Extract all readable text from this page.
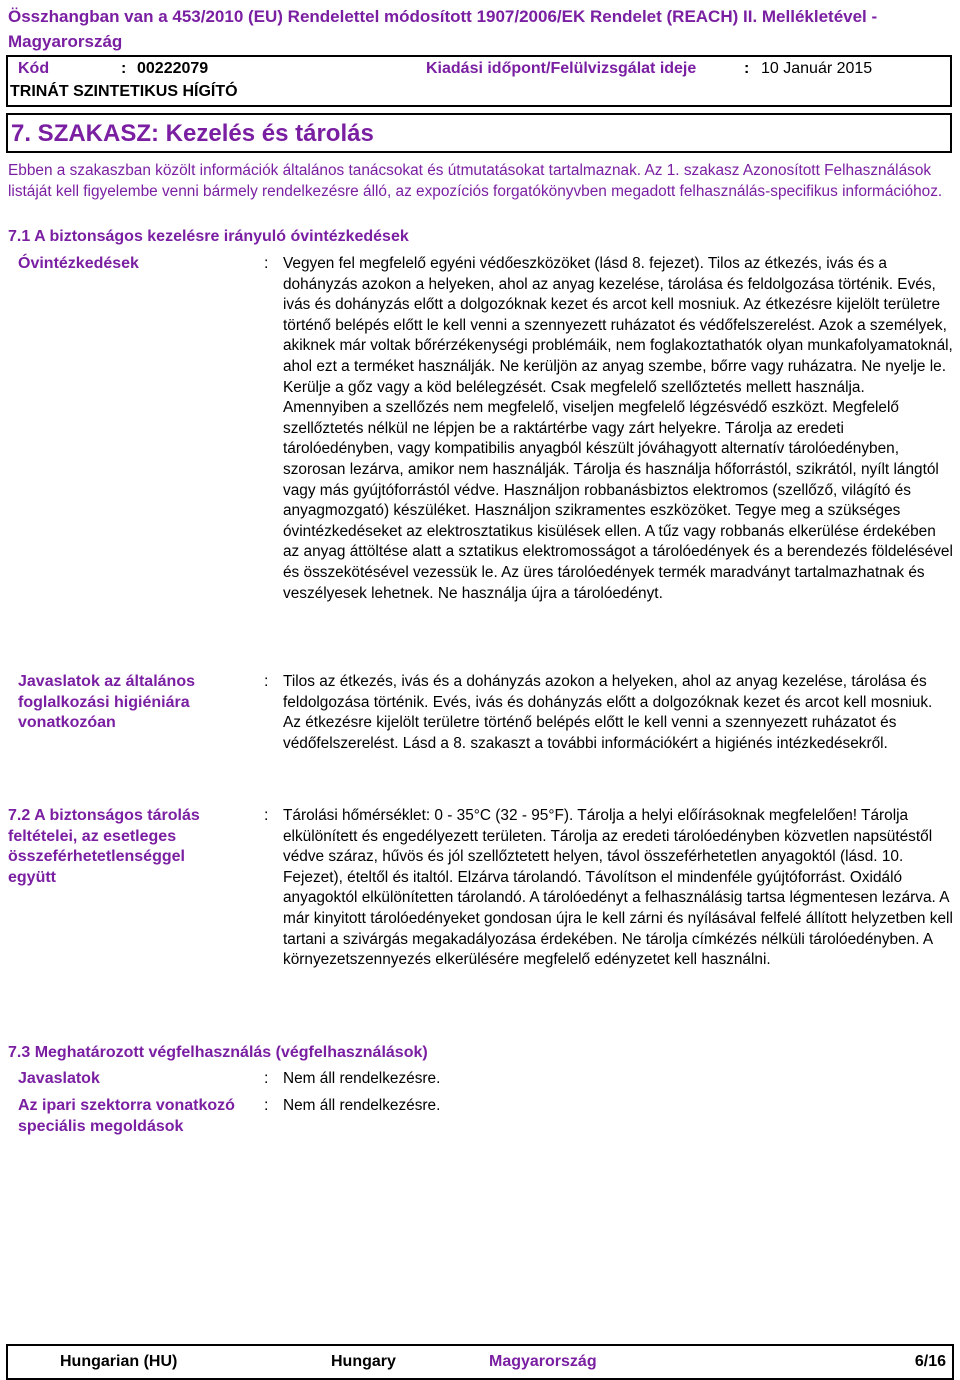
Összhangban van a 453/2010 (EU) Rendelettel módosított 1907/2006/EK Rendelet (REACH) II. Mellékletével - Magyarország
Kód	: 00222079	Kiadási időpont/Felülvizsgálat ideje	: 10 Január 2015
TRINÁT SZINTETIKUS HÍGÍTÓ
7. SZAKASZ: Kezelés és tárolás
Ebben a szakaszban közölt információk általános tanácsokat és útmutatásokat tartalmaznak. Az 1. szakasz Azonosított Felhasználások listáját kell figyelembe venni bármely rendelkezésre álló, az expozíciós forgatókönyvben megadott felhasználás-specifikus információhoz.
7.1 A biztonságos kezelésre irányuló óvintézkedések
Óvintézkedések	: Vegyen fel megfelelő egyéni védőeszközöket (lásd 8. fejezet). Tilos az étkezés, ivás és a dohányzás azokon a helyeken, ahol az anyag kezelése, tárolása és feldolgozása történik. Evés, ivás és dohányzás előtt a dolgozóknak kezet és arcot kell mosniuk. Az étkezésre kijelölt területre történő belépés előtt le kell venni a szennyezett ruházatot és védőfelszerelést. Azok a személyek, akiknek már voltak bőrérzékenységi problémáik, nem foglakoztathatók olyan munkafolyamatoknál, ahol ezt a terméket használják. Ne kerüljön az anyag szembe, bőrre vagy ruházatra. Ne nyelje le. Kerülje a gőz vagy a köd belélegzését. Csak megfelelő szellőztetés mellett használja. Amennyiben a szellőzés nem megfelelő, viseljen megfelelő légzésvédő eszközt. Megfelelő szellőztetés nélkül ne lépjen be a raktártérbe vagy zárt helyekre. Tárolja az eredeti tárolóedényben, vagy kompatibilis anyagból készült jóváhagyott alternatív tárolóedényben, szorosan lezárva, amikor nem használják. Tárolja és használja hőforrástól, szikrától, nyílt lángtól vagy más gyújtóforrástól védve. Használjon robbanásbiztos elektromos (szellőző, világító és anyagmozgató) készüléket. Használjon szikramentes eszközöket. Tegye meg a szükséges óvintézkedéseket az elektrosztatikus kisülések ellen. A tűz vagy robbanás elkerülése érdekében az anyag áttöltése alatt a sztatikus elektromosságot a tárolóedények és a berendezés földelésével és összekötésével vezessük le. Az üres tárolóedények termék maradványt tartalmazhatnak és veszélyesek lehetnek. Ne használja újra a tárolóedényt.
Javaslatok az általános foglalkozási higiéniára vonatkozóan
: Tilos az étkezés, ivás és a dohányzás azokon a helyeken, ahol az anyag kezelése, tárolása és feldolgozása történik. Evés, ivás és dohányzás előtt a dolgozóknak kezet és arcot kell mosniuk. Az étkezésre kijelölt területre történő belépés előtt le kell venni a szennyezett ruházatot és védőfelszerelést. Lásd a 8. szakaszt a további információkért a higiénés intézkedésekről.
7.2 A biztonságos tárolás feltételei, az esetleges összeférhetetlenséggel együtt
: Tárolási hőmérséklet: 0 - 35°C (32 - 95°F). Tárolja a helyi előírásoknak megfelelően! Tárolja elkülönített és engedélyezett területen. Tárolja az eredeti tárolóedényben közvetlen napsütéstől védve száraz, hűvös és jól szellőztetett helyen, távol összeférhetetlen anyagoktól (lásd. 10. Fejezet), ételtől és italtól. Elzárva tárolandó. Távolítson el mindenféle gyújtóforrást. Oxidáló anyagoktól elkülönítetten tárolandó. A tárolóedényt a felhasználásig tartsa légmentesen lezárva. A már kinyitott tárolóedényeket gondosan újra le kell zárni és nyílásával felfelé állított helyzetben kell tartani a szivárgás megakadályozása érdekében. Ne tárolja címkézés nélküli tárolóedényben. A környezetszennyezés elkerülésére megfelelő edényzetet kell használni.
7.3 Meghatározott végfelhasználás (végfelhasználások)
Javaslatok	: Nem áll rendelkezésre.
Az ipari szektorra vonatkozó speciális megoldások
: Nem áll rendelkezésre.
Hungarian (HU)	Hungary	Magyarország	6/16
